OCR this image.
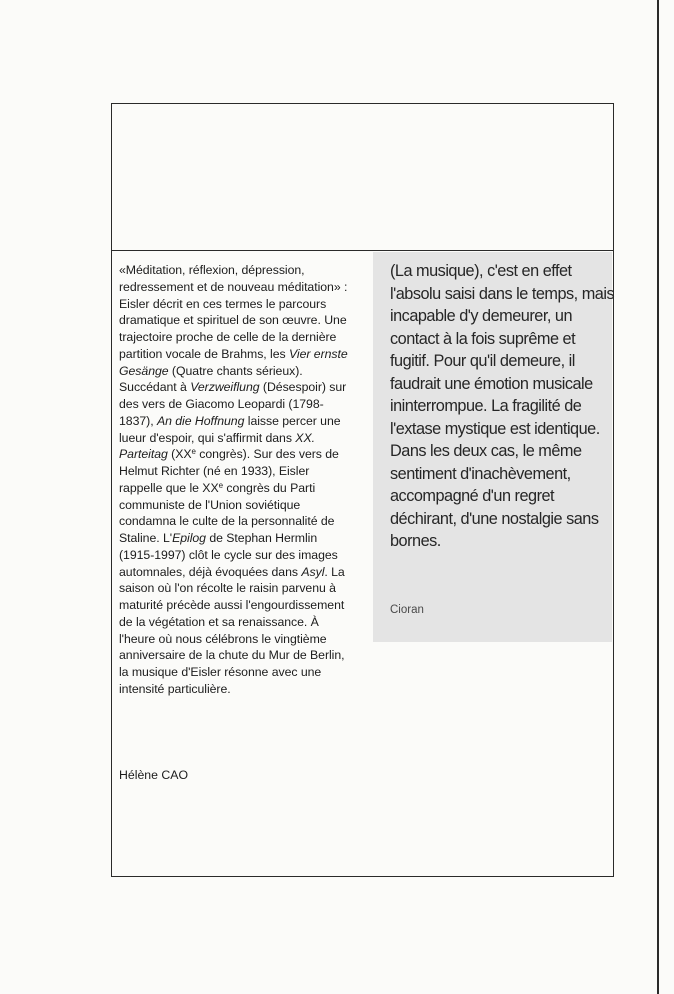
«Méditation, réflexion, dépression, redressement et de nouveau méditation» : Eisler décrit en ces termes le parcours dramatique et spirituel de son œuvre. Une trajectoire proche de celle de la dernière partition vocale de Brahms, les Vier ernste Gesänge (Quatre chants sérieux). Succédant à Verzweiflung (Désespoir) sur des vers de Giacomo Leopardi (1798-1837), An die Hoffnung laisse percer une lueur d'espoir, qui s'affirmit dans XX. Parteitag (XXe congrès). Sur des vers de Helmut Richter (né en 1933), Eisler rappelle que le XXe congrès du Parti communiste de l'Union soviétique condamna le culte de la personnalité de Staline. L'Epilog de Stephan Hermlin (1915-1997) clôt le cycle sur des images automnales, déjà évoquées dans Asyl. La saison où l'on récolte le raisin parvenu à maturité précède aussi l'engourdissement de la végétation et sa renaissance. À l'heure où nous célébrons le vingtième anniversaire de la chute du Mur de Berlin, la musique d'Eisler résonne avec une intensité particulière.

Hélène CAO
(La musique), c'est en effet l'absolu saisi dans le temps, mais incapable d'y demeurer, un contact à la fois suprême et fugitif. Pour qu'il demeure, il faudrait une émotion musicale ininterrompue. La fragilité de l'extase mystique est identique. Dans les deux cas, le même sentiment d'inachèvement, accompagné d'un regret déchirant, d'une nostalgie sans bornes.
Cioran
